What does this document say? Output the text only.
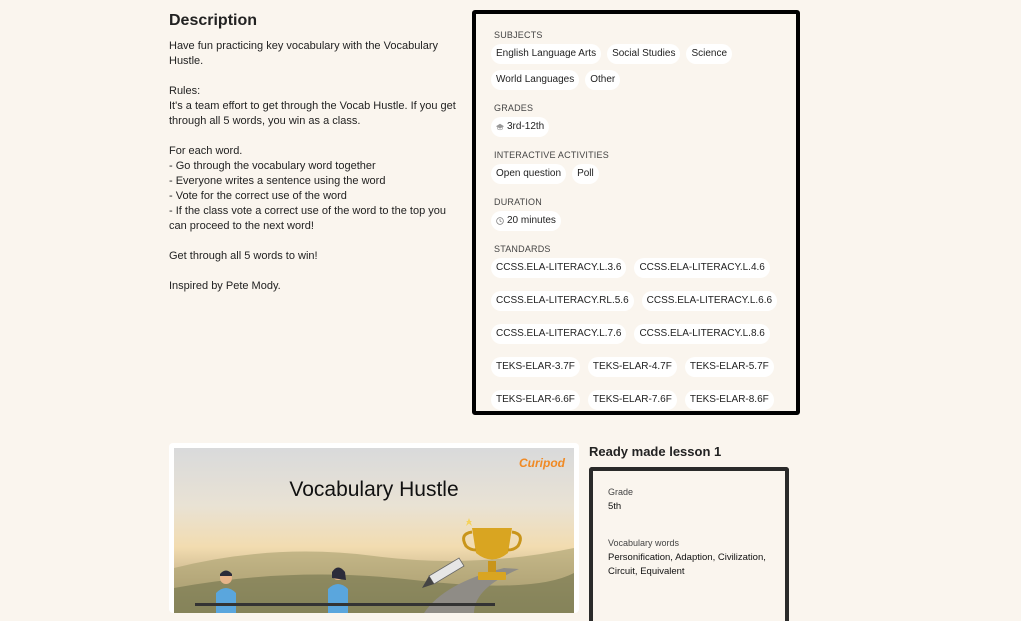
Description
Have fun practicing key vocabulary with the Vocabulary Hustle.

Rules:
It's a team effort to get through the Vocab Hustle. If you get through all 5 words, you win as a class.

For each word.
- Go through the vocabulary word together
- Everyone writes a sentence using the word
- Vote for the correct use of the word
- If the class vote a correct use of the word to the top you can proceed to the next word!

Get through all 5 words to win!

Inspired by Pete Mody.
SUBJECTS
English Language Arts	Social Studies	Science
World Languages	Other
GRADES
3rd-12th
INTERACTIVE ACTIVITIES
Open question	Poll
DURATION
20 minutes
STANDARDS
CCSS.ELA-LITERACY.L.3.6	CCSS.ELA-LITERACY.L.4.6
CCSS.ELA-LITERACY.RL.5.6	CCSS.ELA-LITERACY.L.6.6
CCSS.ELA-LITERACY.L.7.6	CCSS.ELA-LITERACY.L.8.6
TEKS-ELAR-3.7F	TEKS-ELAR-4.7F	TEKS-ELAR-5.7F
TEKS-ELAR-6.6F	TEKS-ELAR-7.6F	TEKS-ELAR-8.6F
Vocabulary Hustle
Curipod
Ready made lesson 1

Grade

5th

Vocabulary words

Personification, Adaption, Civilization, Circuit, Equivalent
